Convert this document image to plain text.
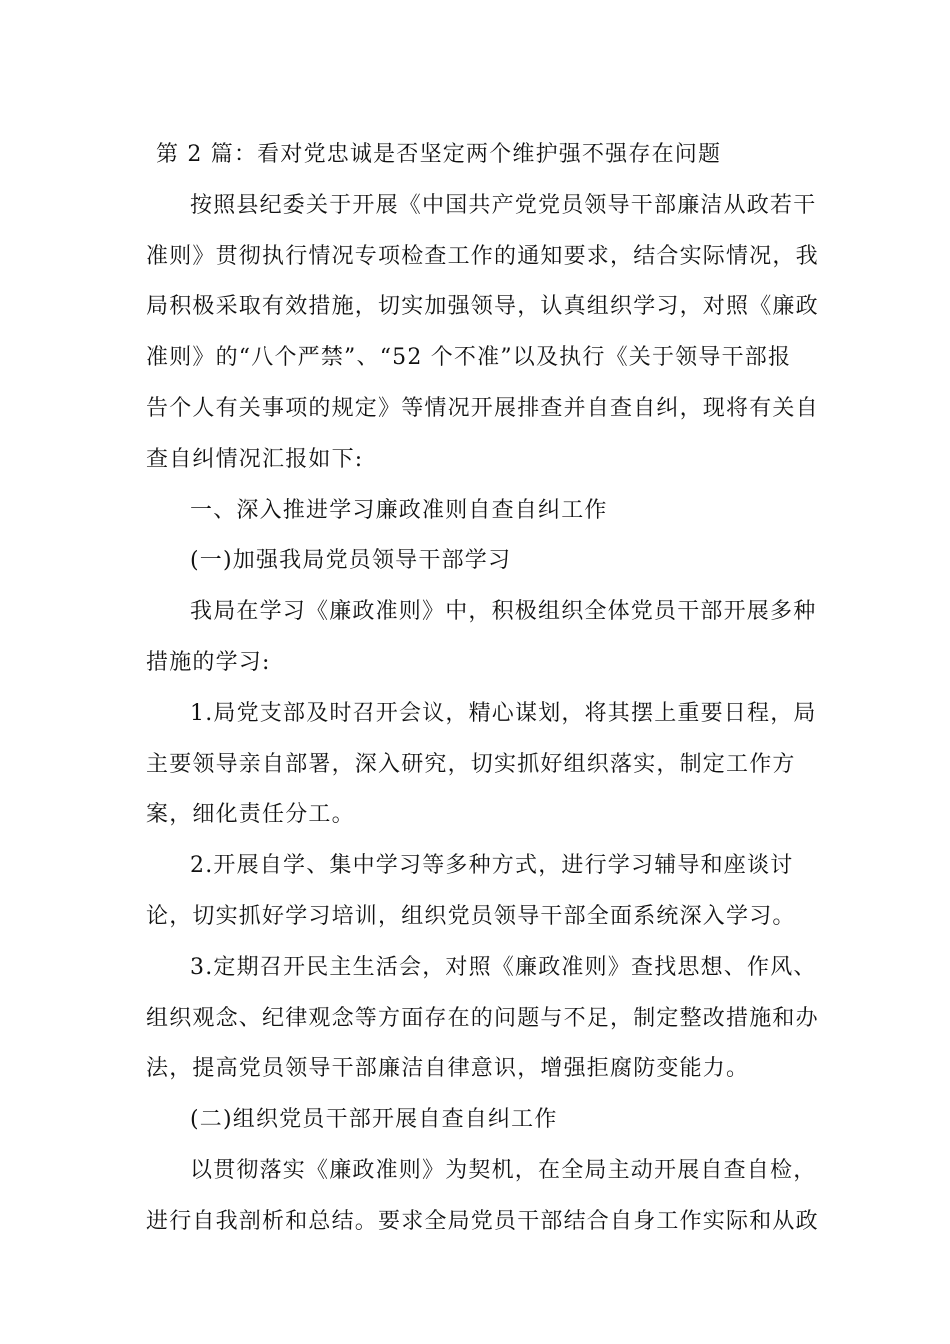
第 2 篇：看对党忠诚是否坚定两个维护强不强存在问题
按照县纪委关于开展《中国共产党党员领导干部廉洁从政若干
准则》贯彻执行情况专项检查工作的通知要求，结合实际情况，我
局积极采取有效措施，切实加强领导，认真组织学习，对照《廉政
准则》的“八个严禁”、“52 个不准”以及执行《关于领导干部报
告个人有关事项的规定》等情况开展排查并自查自纠，现将有关自
查自纠情况汇报如下:
一、深入推进学习廉政准则自查自纠工作
(一)加强我局党员领导干部学习
我局在学习《廉政准则》中，积极组织全体党员干部开展多种
措施的学习:
1.局党支部及时召开会议，精心谋划，将其摆上重要日程，局
主要领导亲自部署，深入研究，切实抓好组织落实，制定工作方
案，细化责任分工。
2.开展自学、集中学习等多种方式，进行学习辅导和座谈讨
论，切实抓好学习培训，组织党员领导干部全面系统深入学习。
3.定期召开民主生活会，对照《廉政准则》查找思想、作风、
组织观念、纪律观念等方面存在的问题与不足，制定整改措施和办
法，提高党员领导干部廉洁自律意识，增强拒腐防变能力。
(二)组织党员干部开展自查自纠工作
以贯彻落实《廉政准则》为契机，在全局主动开展自查自检，
进行自我剖析和总结。要求全局党员干部结合自身工作实际和从政
